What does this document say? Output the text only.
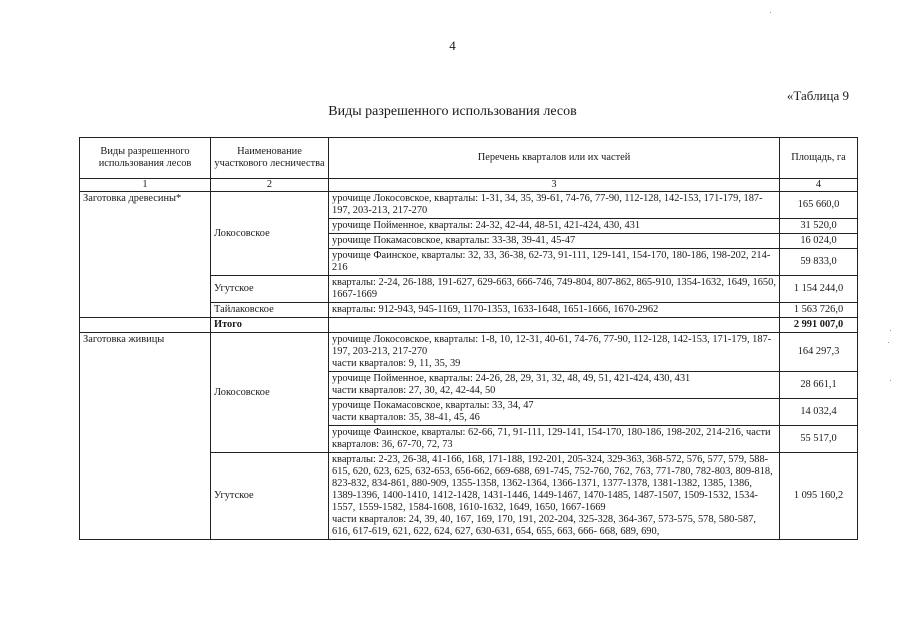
4
«Таблица 9
Виды разрешенного использования лесов
Виды разрешенного использования лесов	Наименование участкового лесничества	Перечень кварталов или их частей	Площадь, га
1	2	3	4
Заготовка древесины*	Локосовское	урочище Локосовское, кварталы: 1-31, 34, 35, 39-61, 74-76, 77-90, 112-128, 142-153, 171-179, 187-197, 203-213, 217-270	165 660,0
		урочище Пойменное, кварталы: 24-32, 42-44, 48-51, 421-424, 430, 431	31 520,0
		урочище Покамасовское, кварталы: 33-38, 39-41, 45-47	16 024,0
		урочище Фаинское, кварталы: 32, 33, 36-38, 62-73, 91-111, 129-141, 154-170, 180-186, 198-202, 214-216	59 833,0
	Угутское	кварталы: 2-24, 26-188, 191-627, 629-663, 666-746, 749-804, 807-862, 865-910, 1354-1632, 1649, 1650, 1667-1669	1 154 244,0
	Тайлаковское	кварталы: 912-943, 945-1169, 1170-1353, 1633-1648, 1651-1666, 1670-2962	1 563 726,0
	Итого		2 991 007,0
Заготовка живицы	Локосовское	урочище Локосовское, кварталы: 1-8, 10, 12-31, 40-61, 74-76, 77-90, 112-128, 142-153, 171-179, 187-197, 203-213, 217-270
части кварталов: 9, 11, 35, 39	164 297,3

		урочище Пойменное, кварталы: 24-26, 28, 29, 31, 32, 48, 49, 51, 421-424, 430, 431
части кварталов: 27, 30, 42, 42-44, 50	28 661,1

		урочище Покамасовское, кварталы: 33, 34, 47
части кварталов: 35, 38-41, 45, 46	14 032,4
		урочище Фаинское, кварталы: 62-66, 71, 91-111, 129-141, 154-170, 180-186, 198-202, 214-216, части кварталов: 36, 67-70, 72, 73	55 517,0
	Угутское	кварталы: 2-23, 26-38, 41-166, 168, 171-188, 192-201, 205-324, 329-363, 368-572, 576, 577, 579, 588-615, 620, 623, 625, 632-653, 656-662, 669-688, 691-745, 752-760, 762, 763, 771-780, 782-803, 809-818, 823-832, 834-861, 880-909, 1355-1358, 1362-1364, 1366-1371, 1377-1378, 1381-1382, 1385, 1386, 1389-1396, 1400-1410, 1412-1428, 1431-1446, 1449-1467, 1470-1485, 1487-1507, 1509-1532, 1534-1557, 1559-1582, 1584-1608, 1610-1632, 1649, 1650, 1667-1669
части кварталов: 24, 39, 40, 167, 169, 170, 191, 202-204, 325-328, 364-367, 573-575, 578, 580-587, 616, 617-619, 621, 622, 624, 627, 630-631, 654, 655, 663, 666- 668, 689, 690,	1 095 160,2
